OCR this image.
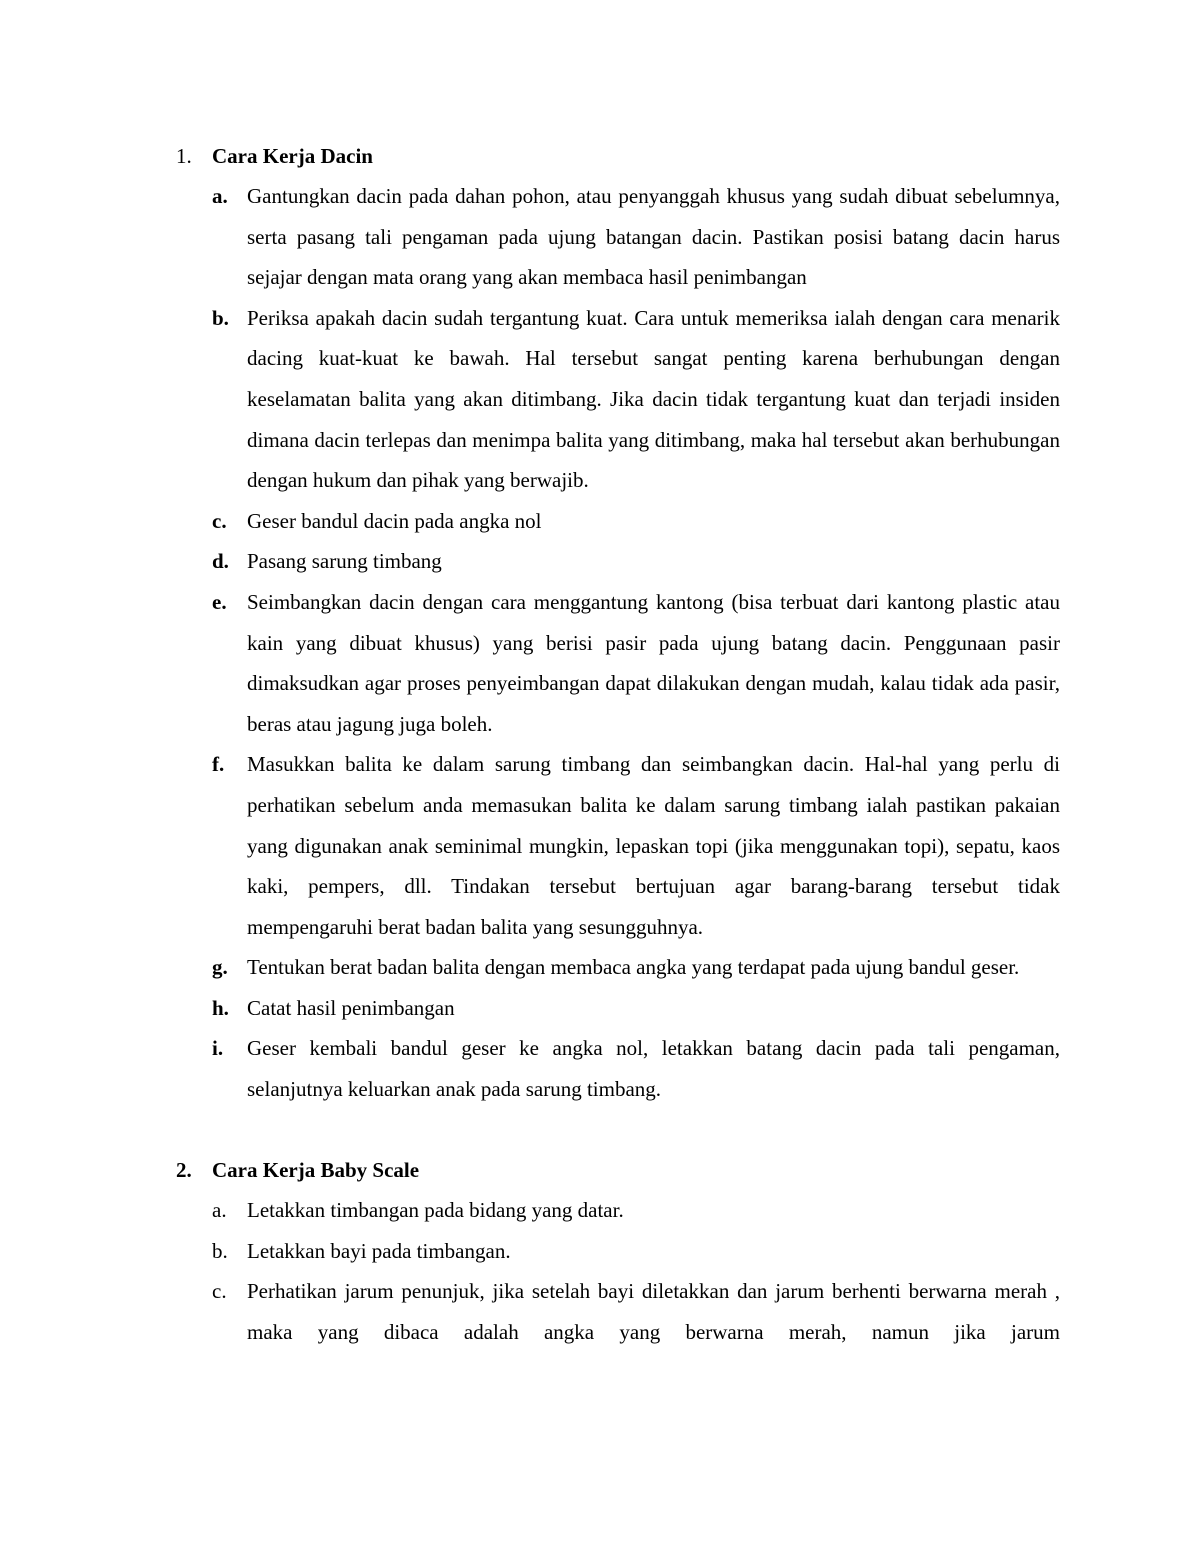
1. Cara Kerja Dacin
a. Gantungkan dacin pada dahan pohon, atau penyanggah khusus yang sudah dibuat sebelumnya, serta pasang tali pengaman pada ujung batangan dacin. Pastikan posisi batang dacin harus sejajar dengan mata orang yang akan membaca hasil penimbangan
b. Periksa apakah dacin sudah tergantung kuat. Cara untuk memeriksa ialah dengan cara menarik dacing kuat-kuat ke bawah. Hal tersebut sangat penting karena berhubungan dengan keselamatan balita yang akan ditimbang. Jika dacin tidak tergantung kuat dan terjadi insiden dimana dacin terlepas dan menimpa balita yang ditimbang, maka hal tersebut akan berhubungan dengan hukum dan pihak yang berwajib.
c. Geser bandul dacin pada angka nol
d. Pasang sarung timbang
e. Seimbangkan dacin dengan cara menggantung kantong (bisa terbuat dari kantong plastic atau kain yang dibuat khusus) yang berisi pasir pada ujung batang dacin. Penggunaan pasir dimaksudkan agar proses penyeimbangan dapat dilakukan dengan mudah, kalau tidak ada pasir, beras atau jagung juga boleh.
f.	Masukkan balita ke dalam sarung timbang dan seimbangkan dacin. Hal-hal yang perlu di perhatikan sebelum anda memasukan balita ke dalam sarung timbang ialah pastikan pakaian yang digunakan anak seminimal mungkin, lepaskan topi (jika menggunakan topi), sepatu, kaos kaki, pempers, dll. Tindakan tersebut bertujuan agar barang-barang tersebut tidak mempengaruhi berat badan balita yang sesungguhnya.
g. Tentukan berat badan balita dengan membaca angka yang terdapat pada ujung bandul geser.
h. Catat hasil penimbangan
i.	Geser kembali bandul geser ke angka nol, letakkan batang dacin pada tali pengaman, selanjutnya keluarkan anak pada sarung timbang.
2. Cara Kerja Baby Scale
a. Letakkan timbangan pada bidang yang datar.
b. Letakkan bayi pada timbangan.
c. Perhatikan jarum penunjuk, jika setelah bayi diletakkan dan jarum berhenti berwarna merah , maka yang dibaca adalah angka yang berwarna merah, namun jika jarum
